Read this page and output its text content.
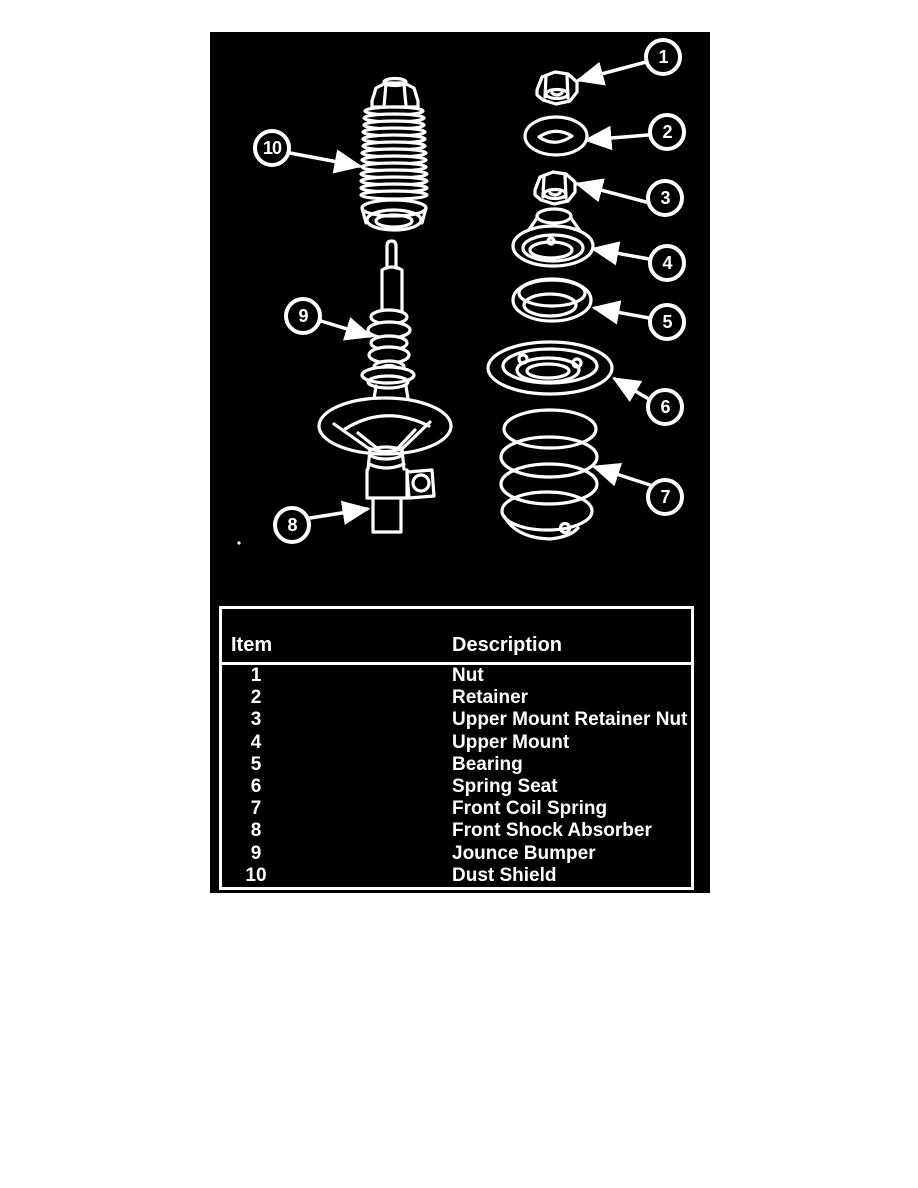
1
2
3
4
5
6
7
8
9
10
Item	Description
1	Nut
2	Retainer
3	Upper Mount Retainer Nut
4	Upper Mount
5	Bearing
6	Spring Seat
7	Front Coil Spring
8	Front Shock Absorber
9	Jounce Bumper
10	Dust Shield
